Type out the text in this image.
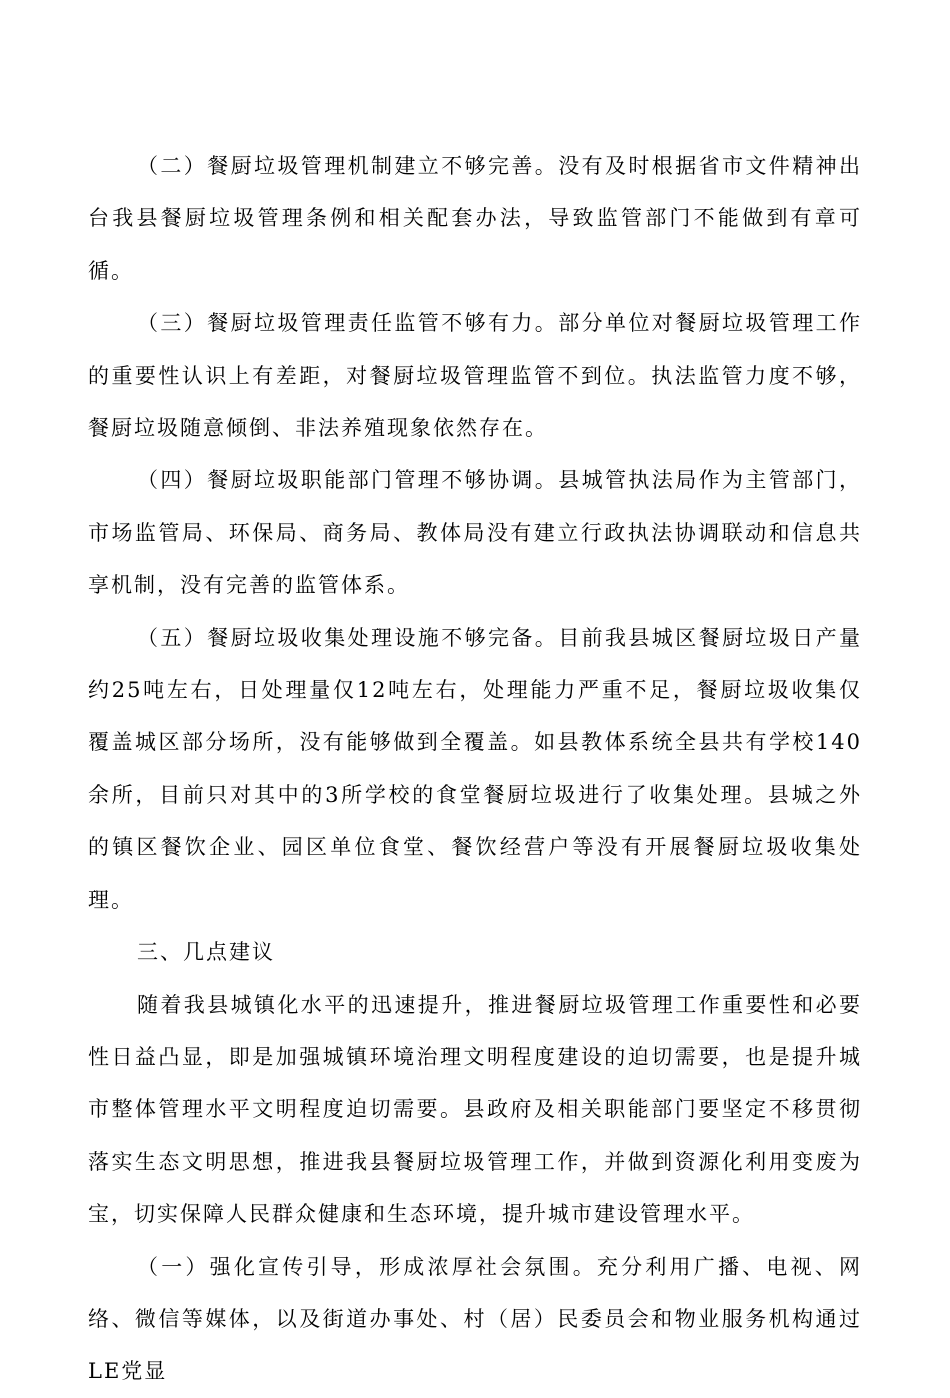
（二）餐厨垃圾管理机制建立不够完善。没有及时根据省市文件精神出台我县餐厨垃圾管理条例和相关配套办法，导致监管部门不能做到有章可循。

（三）餐厨垃圾管理责任监管不够有力。部分单位对餐厨垃圾管理工作的重要性认识上有差距，对餐厨垃圾管理监管不到位。执法监管力度不够，餐厨垃圾随意倾倒、非法养殖现象依然存在。

（四）餐厨垃圾职能部门管理不够协调。县城管执法局作为主管部门，市场监管局、环保局、商务局、教体局没有建立行政执法协调联动和信息共享机制，没有完善的监管体系。

（五）餐厨垃圾收集处理设施不够完备。目前我县城区餐厨垃圾日产量约25吨左右，日处理量仅12吨左右，处理能力严重不足，餐厨垃圾收集仅覆盖城区部分场所，没有能够做到全覆盖。如县教体系统全县共有学校140余所，目前只对其中的3所学校的食堂餐厨垃圾进行了收集处理。县城之外的镇区餐饮企业、园区单位食堂、餐饮经营户等没有开展餐厨垃圾收集处理。

三、几点建议

随着我县城镇化水平的迅速提升，推进餐厨垃圾管理工作重要性和必要性日益凸显，即是加强城镇环境治理文明程度建设的迫切需要，也是提升城市整体管理水平文明程度迫切需要。县政府及相关职能部门要坚定不移贯彻落实生态文明思想，推进我县餐厨垃圾管理工作，并做到资源化利用变废为宝，切实保障人民群众健康和生态环境，提升城市建设管理水平。

（一）强化宣传引导，形成浓厚社会氛围。充分利用广播、电视、网络、微信等媒体，以及街道办事处、村（居）民委员会和物业服务机构通过LE党显
